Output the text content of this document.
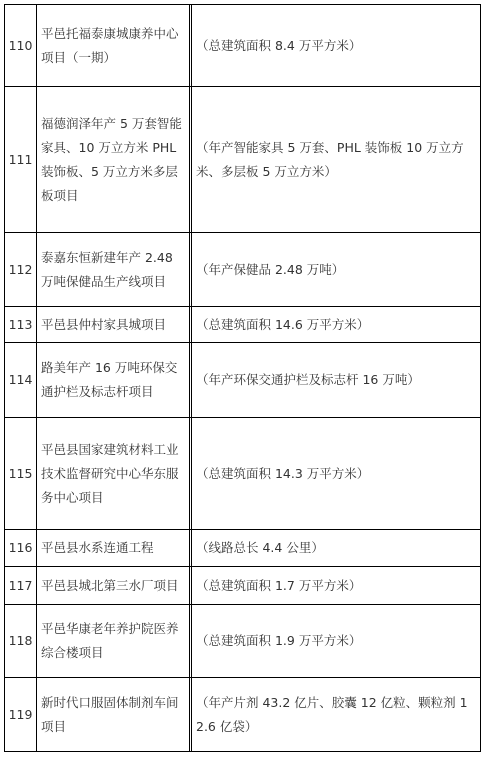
110	平邑托福泰康城康养中心项目（一期）		（总建筑面积 8.4 万平方米）
111	福德润泽年产 5 万套智能家具、10 万立方米 PHL 装饰板、5 万立方米多层板项目		（年产智能家具 5 万套、PHL 装饰板 10 万立方米、多层板 5 万立方米）
112	泰嘉东恒新建年产 2.48 万吨保健品生产线项目		（年产保健品 2.48 万吨）
113	平邑县仲村家具城项目		（总建筑面积 14.6 万平方米）
114	路美年产 16 万吨环保交通护栏及标志杆项目		（年产环保交通护栏及标志杆 16 万吨）
115	平邑县国家建筑材料工业技术监督研究中心华东服务中心项目		（总建筑面积 14.3 万平方米）
116	平邑县水系连通工程		（线路总长 4.4 公里）
117	平邑县城北第三水厂项目		（总建筑面积 1.7 万平方米）
118	平邑华康老年养护院医养综合楼项目		（总建筑面积 1.9 万平方米）
119	新时代口服固体制剂车间项目		（年产片剂 43.2 亿片、胶囊 12 亿粒、颗粒剂 12.6 亿袋）
